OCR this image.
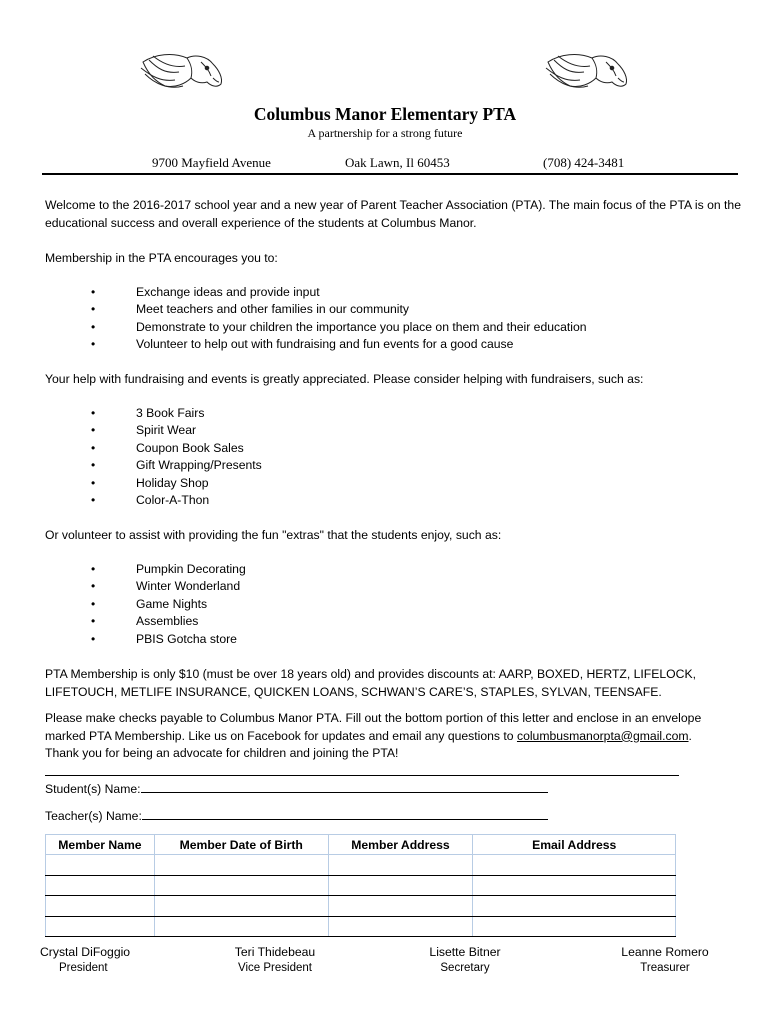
Columbus Manor Elementary PTA
A partnership for a strong future
9700 Mayfield Avenue	Oak Lawn, Il 60453	(708) 424-3481
Welcome to the 2016-2017 school year and a new year of Parent Teacher Association (PTA). The main focus of the PTA is on the educational success and overall experience of the students at Columbus Manor.
Membership in the PTA encourages you to:
• Exchange ideas and provide input
• Meet teachers and other families in our community
• Demonstrate to your children the importance you place on them and their education
• Volunteer to help out with fundraising and fun events for a good cause
Your help with fundraising and events is greatly appreciated. Please consider helping with fundraisers, such as:
• 3 Book Fairs
• Spirit Wear
• Coupon Book Sales
• Gift Wrapping/Presents
• Holiday Shop
• Color-A-Thon
Or volunteer to assist with providing the fun "extras" that the students enjoy, such as:
• Pumpkin Decorating
• Winter Wonderland
• Game Nights
• Assemblies
• PBIS Gotcha store
PTA Membership is only $10 (must be over 18 years old) and provides discounts at: AARP, BOXED, HERTZ, LIFELOCK, LIFETOUCH, METLIFE INSURANCE, QUICKEN LOANS, SCHWAN’S CARE’S, STAPLES, SYLVAN, TEENSAFE.
Please make checks payable to Columbus Manor PTA. Fill out the bottom portion of this letter and enclose in an envelope
marked PTA Membership. Like us on Facebook for updates and email any questions to columbusmanorpta@gmail.com.
Thank you for being an advocate for children and joining the PTA!
Student(s) Name:
Teacher(s) Name:
Member Name	Member Date of Birth	Member Address	Email Address

Crystal DiFoggio
President
Teri Thidebeau
Vice President
Lisette Bitner
Secretary
Leanne Romero
Treasurer
